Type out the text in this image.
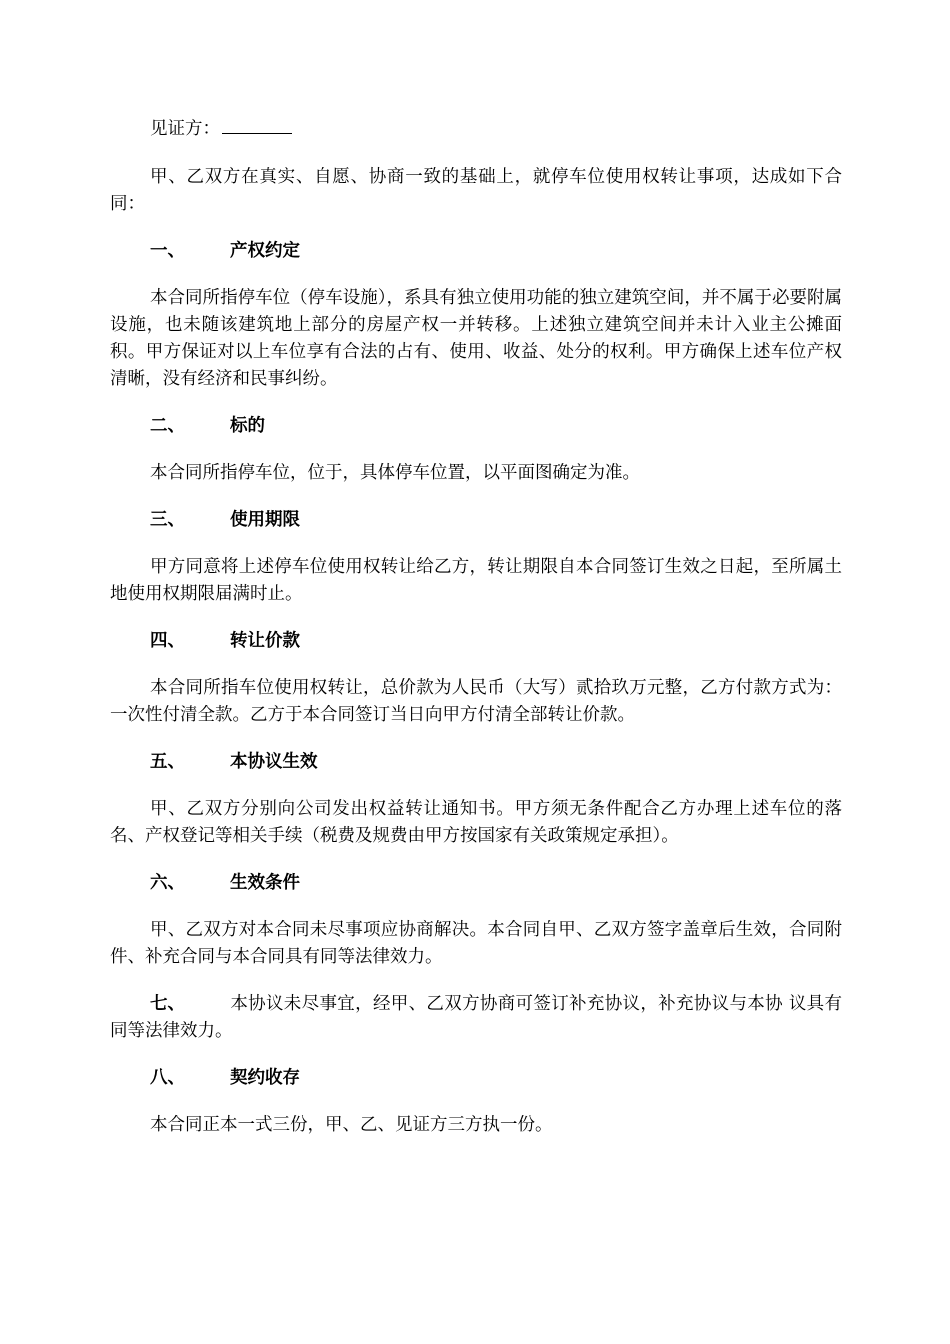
见证方：

甲、乙双方在真实、自愿、协商一致的基础上，就停车位使用权转让事项，达成如下合同：

一、	产权约定

本合同所指停车位（停车设施），系具有独立使用功能的独立建筑空间，并不属于必要附属设施，也未随该建筑地上部分的房屋产权一并转移。上述独立建筑空间并未计入业主公摊面积。甲方保证对以上车位享有合法的占有、使用、收益、处分的权利。甲方确保上述车位产权清晰，没有经济和民事纠纷。

二、	标的

本合同所指停车位，位于，具体停车位置，以平面图确定为准。

三、	使用期限

甲方同意将上述停车位使用权转让给乙方，转让期限自本合同签订生效之日起，至所属土地使用权期限届满时止。

四、	转让价款

本合同所指车位使用权转让，总价款为人民币（大写）贰拾玖万元整，乙方付款方式为：一次性付清全款。乙方于本合同签订当日向甲方付清全部转让价款。

五、	本协议生效

甲、乙双方分别向公司发出权益转让通知书。甲方须无条件配合乙方办理上述车位的落名、产权登记等相关手续（税费及规费由甲方按国家有关政策规定承担）。

六、	生效条件

甲、乙双方对本合同未尽事项应协商解决。本合同自甲、乙双方签字盖章后生效，合同附件、补充合同与本合同具有同等法律效力。

七、	本协议未尽事宜，经甲、乙双方协商可签订补充协议，补充协议与本协 议具有同等法律效力。

八、	契约收存

本合同正本一式三份，甲、乙、见证方三方执一份。
